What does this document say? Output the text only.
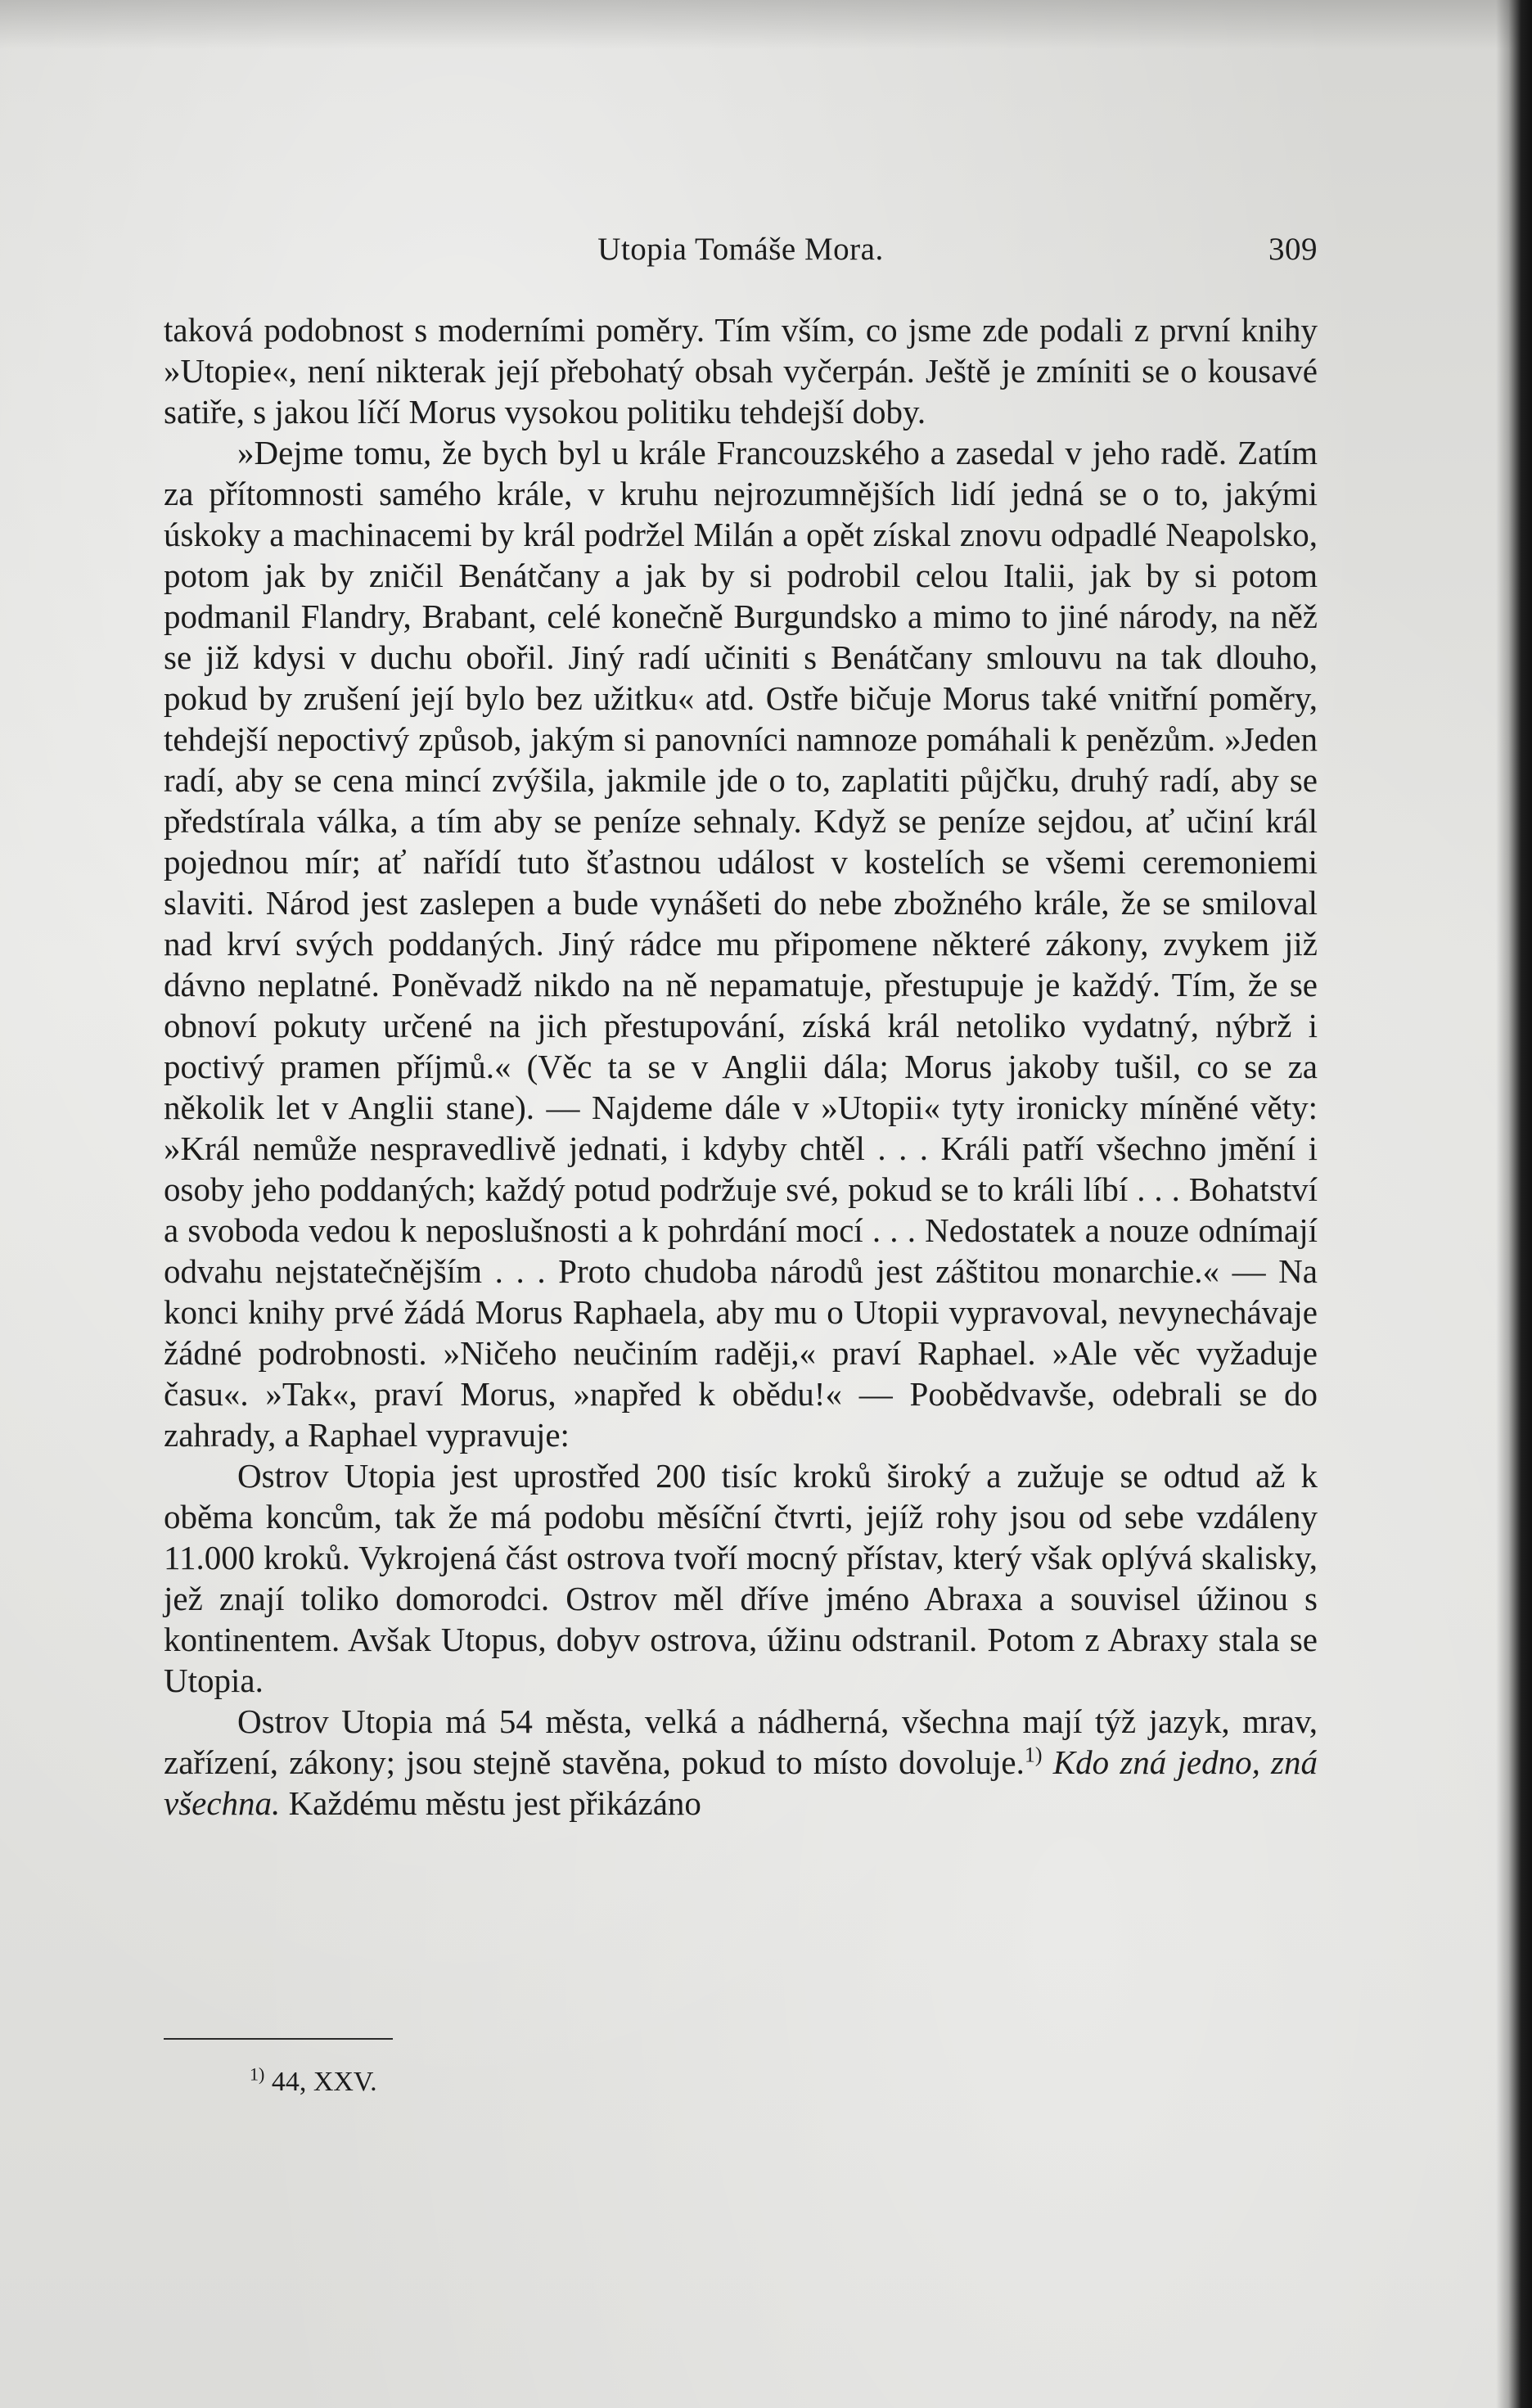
Utopia Tomáše Mora.	309

taková podobnost s moderními poměry. Tím vším, co jsme zde podali z první knihy »Utopie«, není nikterak její přebohatý obsah vyčerpán. Ještě je zmíniti se o kousavé satiře, s jakou líčí Morus vysokou politiku tehdejší doby.

»Dejme tomu, že bych byl u krále Francouzského a zasedal v jeho radě. Zatím za přítomnosti samého krále, v kruhu nejrozumnějších lidí jedná se o to, jakými úskoky a machinacemi by král podržel Milán a opět získal znovu odpadlé Neapolsko, potom jak by zničil Benátčany a jak by si podrobil celou Italii, jak by si potom podmanil Flandry, Brabant, celé konečně Burgundsko a mimo to jiné národy, na něž se již kdysi v duchu obořil. Jiný radí učiniti s Benátčany smlouvu na tak dlouho, pokud by zrušení její bylo bez užitku« atd. Ostře bičuje Morus také vnitřní poměry, tehdejší nepoctivý způsob, jakým si panovníci namnoze pomáhali k penězům. »Jeden radí, aby se cena mincí zvýšila, jakmile jde o to, zaplatiti půjčku, druhý radí, aby se předstírala válka, a tím aby se peníze sehnaly. Když se peníze sejdou, ať učiní král pojednou mír; ať nařídí tuto šťastnou událost v kostelích se všemi ceremoniemi slaviti. Národ jest zaslepen a bude vynášeti do nebe zbožného krále, že se smiloval nad krví svých poddaných. Jiný rádce mu připomene některé zákony, zvykem již dávno neplatné. Poněvadž nikdo na ně nepamatuje, přestupuje je každý. Tím, že se obnoví pokuty určené na jich přestupování, získá král netoliko vydatný, nýbrž i poctivý pramen příjmů.« (Věc ta se v Anglii dála; Morus jakoby tušil, co se za několik let v Anglii stane). — Najdeme dále v »Utopii« tyty ironicky míněné věty: »Král nemůže nespravedlivě jednati, i kdyby chtěl . . . Králi patří všechno jmění i osoby jeho poddaných; každý potud podržuje své, pokud se to králi líbí . . . Bohatství a svoboda vedou k neposlušnosti a k pohrdání mocí . . . Nedostatek a nouze odnímají odvahu nejstatečnějším . . . Proto chudoba národů jest záštitou monarchie.« — Na konci knihy prvé žádá Morus Raphaela, aby mu o Utopii vypravoval, nevynechávaje žádné podrobnosti. »Ničeho neučiním raději,« praví Raphael. »Ale věc vyžaduje času«. »Tak«, praví Morus, »napřed k obědu!« — Poobědvavše, odebrali se do zahrady, a Raphael vypravuje:

Ostrov Utopia jest uprostřed 200 tisíc kroků široký a zužuje se odtud až k oběma koncům, tak že má podobu měsíční čtvrti, jejíž rohy jsou od sebe vzdáleny 11.000 kroků. Vykrojená část ostrova tvoří mocný přístav, který však oplývá skalisky, jež znají toliko domorodci. Ostrov měl dříve jméno Abraxa a souvisel úžinou s kontinentem. Avšak Utopus, dobyv ostrova, úžinu odstranil. Potom z Abraxy stala se Utopia.

Ostrov Utopia má 54 města, velká a nádherná, všechna mají týž jazyk, mrav, zařízení, zákony; jsou stejně stavěna, pokud to místo dovoluje.$^{1)}$ Kdo zná jedno, zná všechna. Každému městu jest přikázáno

$^{1)}$ 44, XXV.
